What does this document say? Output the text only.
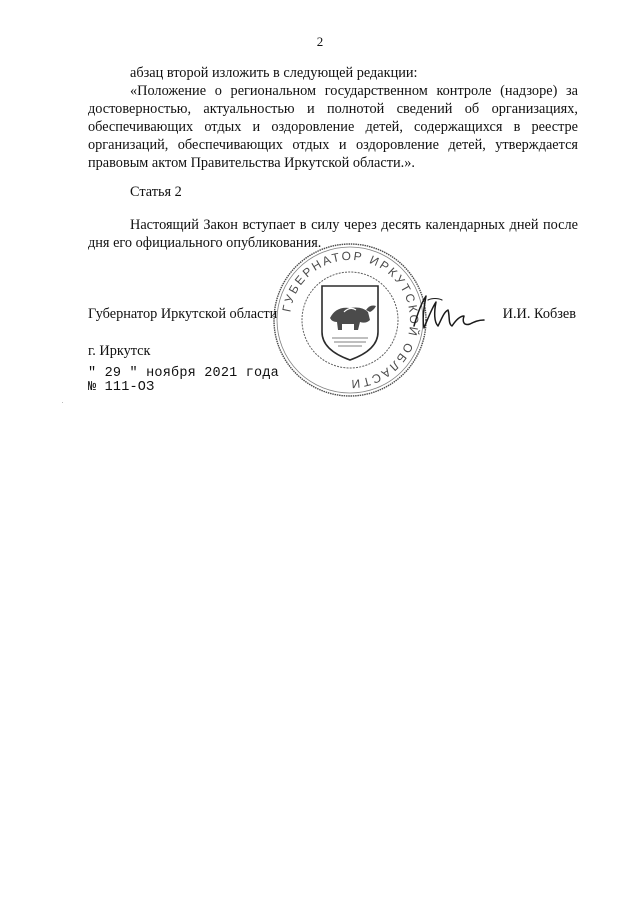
2
абзац второй изложить в следующей редакции:
«Положение о региональном государственном контроле (надзоре) за достоверностью, актуальностью и полнотой сведений об организациях, обеспечивающих отдых и оздоровление детей, содержащихся в реестре организаций, обеспечивающих отдых и оздоровление детей, утверждается правовым актом Правительства Иркутской области.».
Статья 2
Настоящий Закон вступает в силу через десять календарных дней после дня его официального опубликования.
ГУБЕРНАТОР ИРКУТСКОЙ ОБЛАСТИ
Губернатор Иркутской области	И.И. Кобзев
г. Иркутск
" 29 " ноября 2021 года
№ 111-ОЗ
